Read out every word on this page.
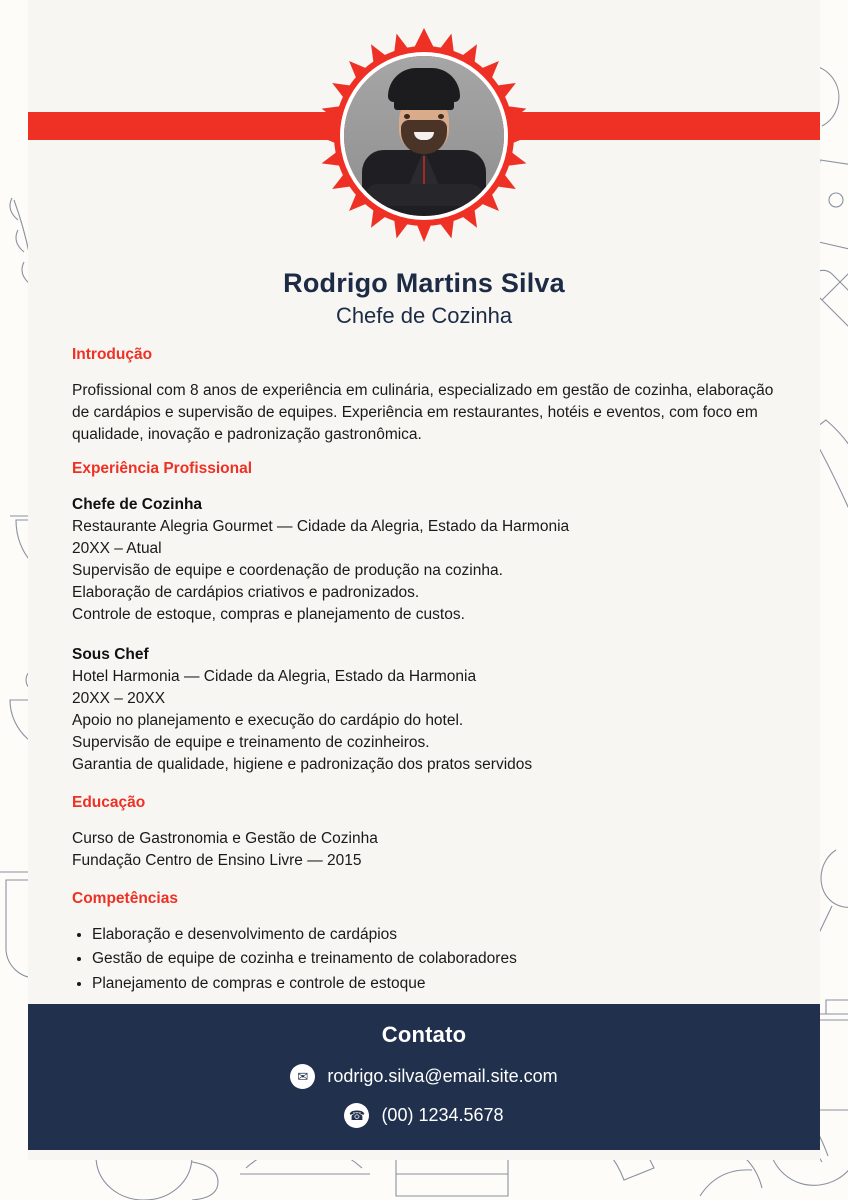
Rodrigo Martins Silva
Chefe de Cozinha
Introdução

Profissional com 8 anos de experiência em culinária, especializado em gestão de cozinha, elaboração de cardápios e supervisão de equipes. Experiência em restaurantes, hotéis e eventos, com foco em qualidade, inovação e padronização gastronômica.

Experiência Profissional
Chefe de Cozinha
Restaurante Alegria Gourmet — Cidade da Alegria, Estado da Harmonia
20XX – Atual
Supervisão de equipe e coordenação de produção na cozinha.
Elaboração de cardápios criativos e padronizados.
Controle de estoque, compras e planejamento de custos.
Sous Chef
Hotel Harmonia — Cidade da Alegria, Estado da Harmonia
20XX – 20XX
Apoio no planejamento e execução do cardápio do hotel.
Supervisão de equipe e treinamento de cozinheiros.
Garantia de qualidade, higiene e padronização dos pratos servidos
Educação
Curso de Gastronomia e Gestão de Cozinha
Fundação Centro de Ensino Livre — 2015
Competências
• Elaboração e desenvolvimento de cardápios
• Gestão de equipe de cozinha e treinamento de colaboradores
• Planejamento de compras e controle de estoque
Contato
✉	rodrigo.silva@email.site.com
☎ (00) 1234.5678
